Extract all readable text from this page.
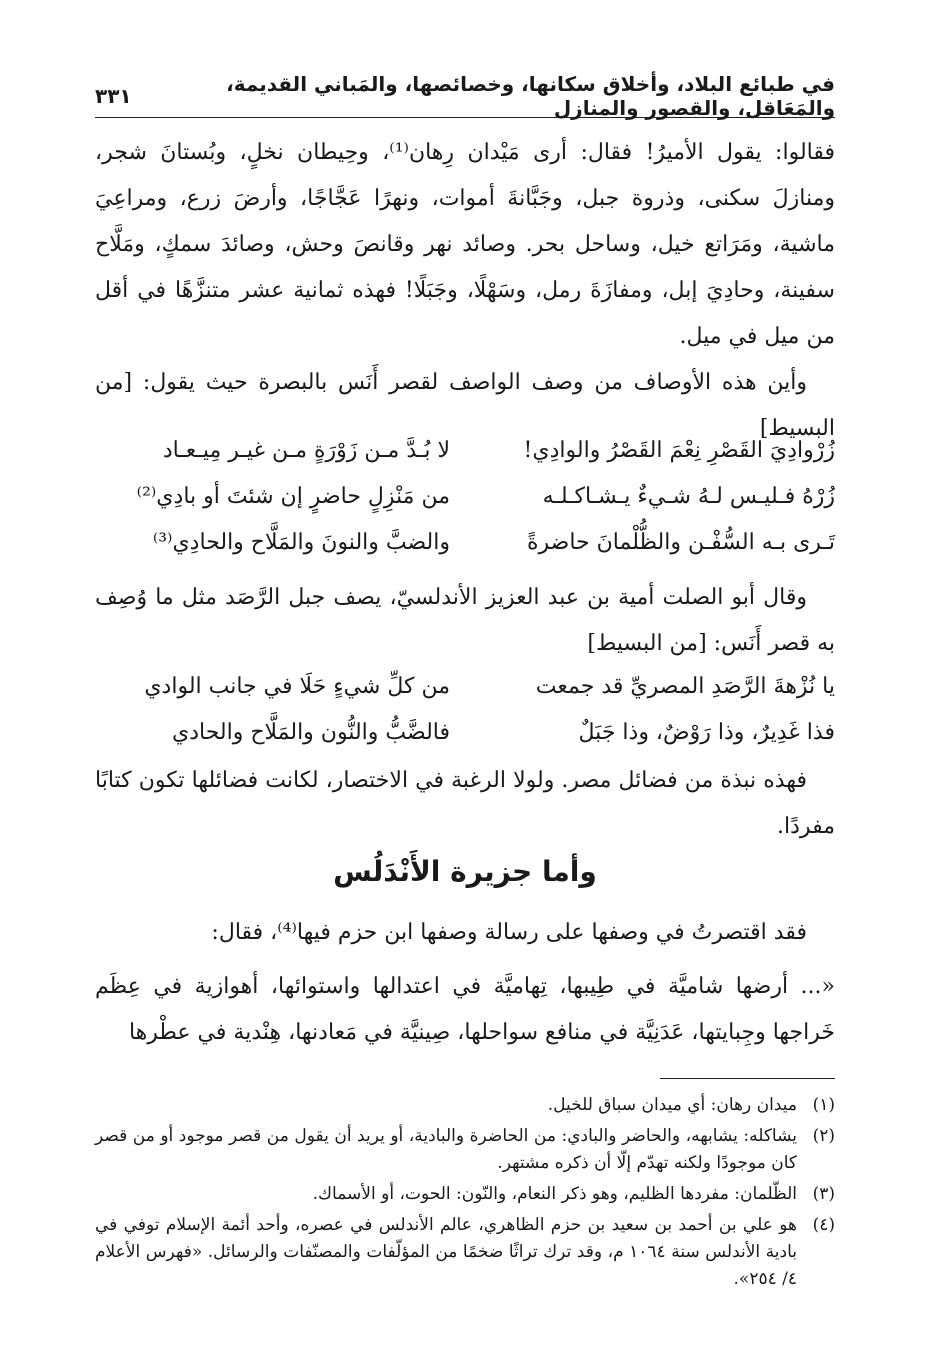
في طبائع البلاد، وأخلاق سكانها، وخصائصها، والمَباني القديمة، والمَعَاقل، والقصور والمنازل
٣٣١

فقالوا: يقول الأميرُ! فقال: أرى مَيْدان رِهان⁽¹⁾، وحِيطان نخلٍ، وبُستانَ شجر، ومنازلَ سكنى، وذروة جبل، وجَبَّانةَ أموات، ونهرًا عَجَّاجًا، وأرضَ زرع، ومراعِيَ ماشية، ومَرَاتع خيل، وساحل بحر. وصائد نهر وقانصَ وحش، وصائدَ سمكٍ، ومَلَّاح سفينة، وحادِيَ إبل، ومفازَةَ رمل، وسَهْلًا، وجَبَلًا! فهذه ثمانية عشر متنزَّهًا في أقل من ميل في ميل.

وأين هذه الأوصاف من وصف الواصف لقصر أَنَس بالبصرة حيث يقول: [من البسيط]

زُرْوادِيَ القَصْرِ نِعْمَ القَصْرُ والوادِي!
لا بُـدَّ مـن زَوْرَةٍ مـن غيـر مِيـعـاد
زُرْهُ فـليـس لـهُ شـيءٌ يـشـاكـلـه
من مَنْزِلٍ حاضرٍ إن شئتَ أو بادِي⁽²⁾
تَـرى بـه السُّفْـن والظُّلْمانَ حاضرةً
والضبَّ والنونَ والمَلَّاح والحادِي⁽³⁾

وقال أبو الصلت أمية بن عبد العزيز الأندلسيّ، يصف جبل الرَّصَد مثل ما وُصِف به قصر أَنَس: [من البسيط]

يا نُزْهةَ الرَّصَدِ المصريِّ قد جمعت
من كلِّ شيءٍ حَلَا في جانب الوادي
فذا غَدِيرٌ، وذا رَوْضٌ، وذا جَبَلٌ
فالضَّبُّ والنُّون والمَلَّاح والحادي

فهذه نبذة من فضائل مصر. ولولا الرغبة في الاختصار، لكانت فضائلها تكون كتابًا مفردًا.

وأما جزيرة الأَنْدَلُس

فقد اقتصرتُ في وصفها على رسالة وصفها ابن حزم فيها⁽⁴⁾، فقال:

«... أرضها شاميَّة في طِيبها، تِهاميَّة في اعتدالها واستوائها، أهوازية في عِظَم خَراجها وجِبايتها، عَدَنِيَّة في منافع سواحلها، صِينيَّة في مَعادنها، هِنْدية في عطْرها

(١)
ميدان رهان: أي ميدان سباق للخيل.
(٢)
يشاكله: يشابهه، والحاضر والبادي: من الحاضرة والبادية، أو يريد أن يقول من قصر موجود أو من قصر كان موجودًا ولكنه تهدّم إلّا أن ذكره مشتهر.
(٣)
الظّلمان: مفردها الظليم، وهو ذكر النعام، والنّون: الحوت، أو الأسماك.
(٤)
هو علي بن أحمد بن سعيد بن حزم الظاهري، عالم الأندلس في عصره، وأحد أئمة الإسلام توفي في بادية الأندلس سنة ١٠٦٤ م، وقد ترك تراثًا ضخمًا من المؤلّفات والمصنّفات والرسائل. «فهرس الأعلام ٤/ ٢٥٤».
